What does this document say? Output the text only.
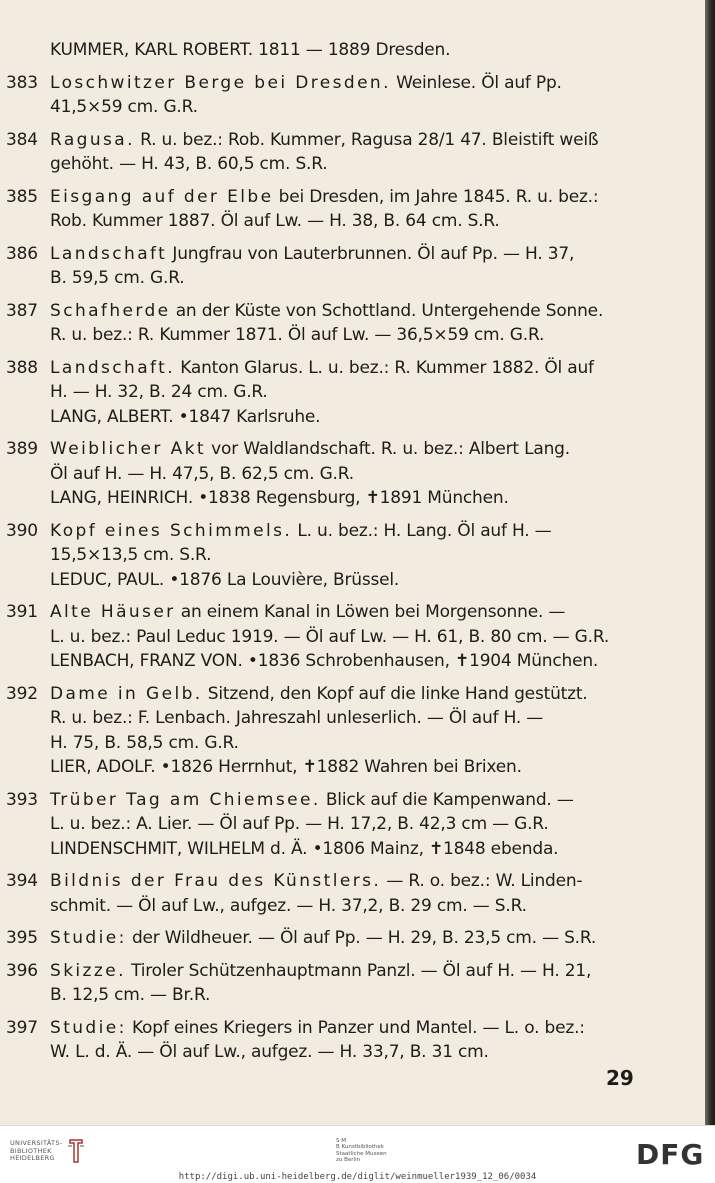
KUMMER, KARL ROBERT. 1811 — 1889 Dresden.
383 Loschwitzer Berge bei Dresden. Weinlese. Öl auf Pp.
41,5×59 cm. G.R.
384 Ragusa. R. u. bez.: Rob. Kummer, Ragusa 28/1 47. Bleistift weiß
gehöht. — H. 43, B. 60,5 cm. S.R.
385 Eisgang auf der Elbe bei Dresden, im Jahre 1845. R. u. bez.:
Rob. Kummer 1887. Öl auf Lw. — H. 38, B. 64 cm. S.R.
386 Landschaft Jungfrau von Lauterbrunnen. Öl auf Pp. — H. 37,
B. 59,5 cm. G.R.
387 Schafherde an der Küste von Schottland. Untergehende Sonne.
R. u. bez.: R. Kummer 1871. Öl auf Lw. — 36,5×59 cm. G.R.
388 Landschaft. Kanton Glarus. L. u. bez.: R. Kummer 1882. Öl auf
H. — H. 32, B. 24 cm. G.R.
LANG, ALBERT. •1847 Karlsruhe.
389 Weiblicher Akt vor Waldlandschaft. R. u. bez.: Albert Lang.
Öl auf H. — H. 47,5, B. 62,5 cm. G.R.
LANG, HEINRICH. •1838 Regensburg, ✝1891 München.
390 Kopf eines Schimmels. L. u. bez.: H. Lang. Öl auf H. —
15,5×13,5 cm. S.R.
LEDUC, PAUL. •1876 La Louvière, Brüssel.
391 Alte Häuser an einem Kanal in Löwen bei Morgensonne. —
L. u. bez.: Paul Leduc 1919. — Öl auf Lw. — H. 61, B. 80 cm. — G.R.
LENBACH, FRANZ VON. •1836 Schrobenhausen, ✝1904 München.
392 Dame in Gelb. Sitzend, den Kopf auf die linke Hand gestützt.
R. u. bez.: F. Lenbach. Jahreszahl unleserlich. — Öl auf H. —
H. 75, B. 58,5 cm. G.R.
LIER, ADOLF. •1826 Herrnhut, ✝1882 Wahren bei Brixen.
393 Trüber Tag am Chiemsee. Blick auf die Kampenwand. —
L. u. bez.: A. Lier. — Öl auf Pp. — H. 17,2, B. 42,3 cm — G.R.
LINDENSCHMIT, WILHELM d. Ä. •1806 Mainz, ✝1848 ebenda.
394 Bildnis der Frau des Künstlers. — R. o. bez.: W. Linden-
schmit. — Öl auf Lw., aufgez. — H. 37,2, B. 29 cm. — S.R.
395 Studie: der Wildheuer. — Öl auf Pp. — H. 29, B. 23,5 cm. — S.R.
396 Skizze. Tiroler Schützenhauptmann Panzl. — Öl auf H. — H. 21,
B. 12,5 cm. — Br.R.
397 Studie: Kopf eines Kriegers in Panzer und Mantel. — L. o. bez.:
W. L. d. Ä. — Öl auf Lw., aufgez. — H. 33,7, B. 31 cm.
29
UNIVERSITÄTS-
BIBLIOTHEK
HEIDELBERG
S M
B Kunstbibliothek
Staatliche Museen
zu Berlin	DFG
http://digi.ub.uni-heidelberg.de/diglit/weinmueller1939_12_06/0034
